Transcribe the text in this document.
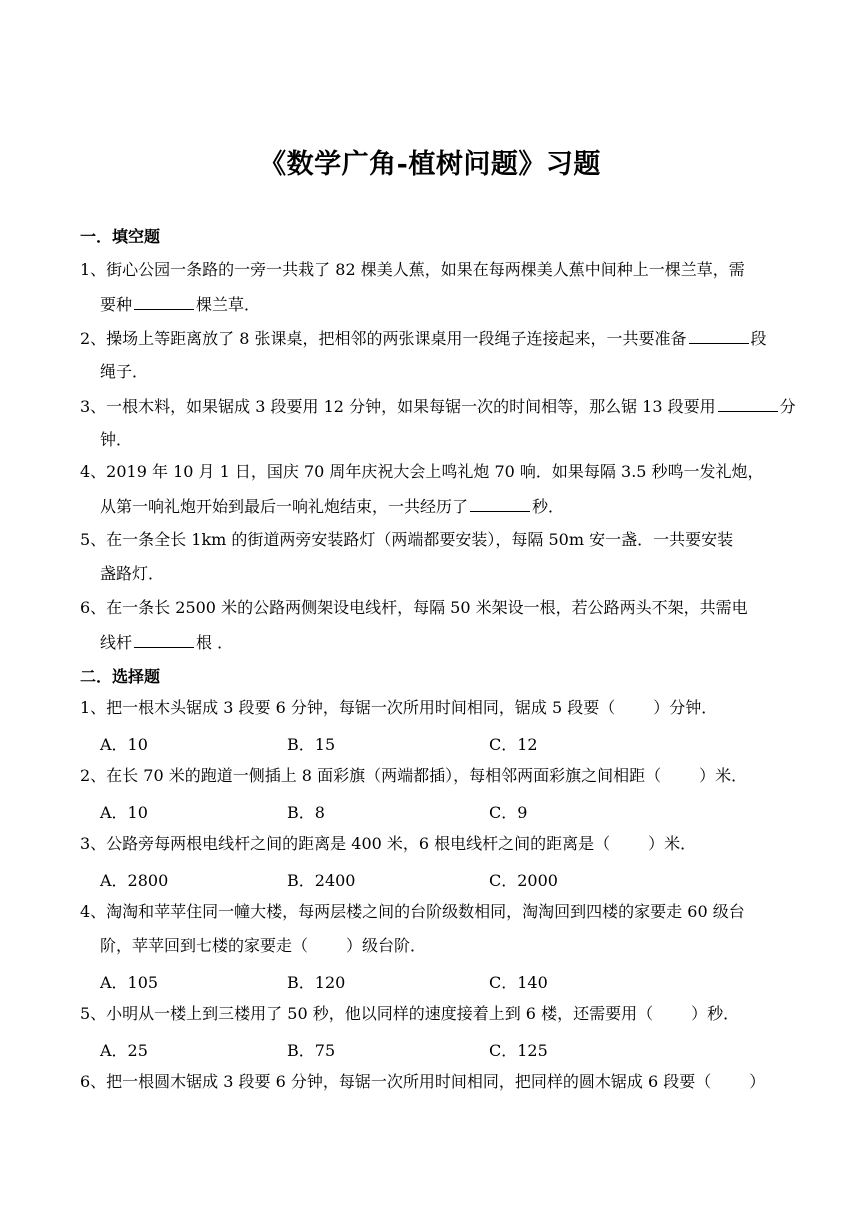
《数学广角-植树问题》习题
一．填空题
1、街心公园一条路的一旁一共栽了 82 棵美人蕉，如果在每两棵美人蕉中间种上一棵兰草，需
要种	棵兰草．
2、操场上等距离放了 8 张课桌，把相邻的两张课桌用一段绳子连接起来，一共要准备	段
绳子．
3、一根木料，如果锯成 3 段要用 12 分钟，如果每锯一次的时间相等，那么锯 13 段要用	分
钟．
4、2019 年 10 月 1 日，国庆 70 周年庆祝大会上鸣礼炮 70 响．如果每隔 3.5 秒鸣一发礼炮，
从第一响礼炮开始到最后一响礼炮结束，一共经历了	秒．
5、在一条全长 1km 的街道两旁安装路灯（两端都要安装），每隔 50m 安一盏．一共要安装
盏路灯．
6、在一条长 2500 米的公路两侧架设电线杆，每隔 50 米架设一根，若公路两头不架，共需电
线杆	根 ．
二．选择题
1、把一根木头锯成 3 段要 6 分钟，每锯一次所用时间相同，锯成 5 段要（ ）分钟．
A．10	B．15	C．12
2、在长 70 米的跑道一侧插上 8 面彩旗（两端都插），每相邻两面彩旗之间相距（ ）米．
A．10	B．8	C．9
3、公路旁每两根电线杆之间的距离是 400 米，6 根电线杆之间的距离是（ ）米．
A．2800	B．2400	C．2000
4、淘淘和苹苹住同一幢大楼，每两层楼之间的台阶级数相同，淘淘回到四楼的家要走 60 级台
阶，苹苹回到七楼的家要走（ ）级台阶．
A．105	B．120	C．140
5、小明从一楼上到三楼用了 50 秒，他以同样的速度接着上到 6 楼，还需要用（ ）秒．
A．25	B．75	C．125
6、把一根圆木锯成 3 段要 6 分钟，每锯一次所用时间相同，把同样的圆木锯成 6 段要（ ）
